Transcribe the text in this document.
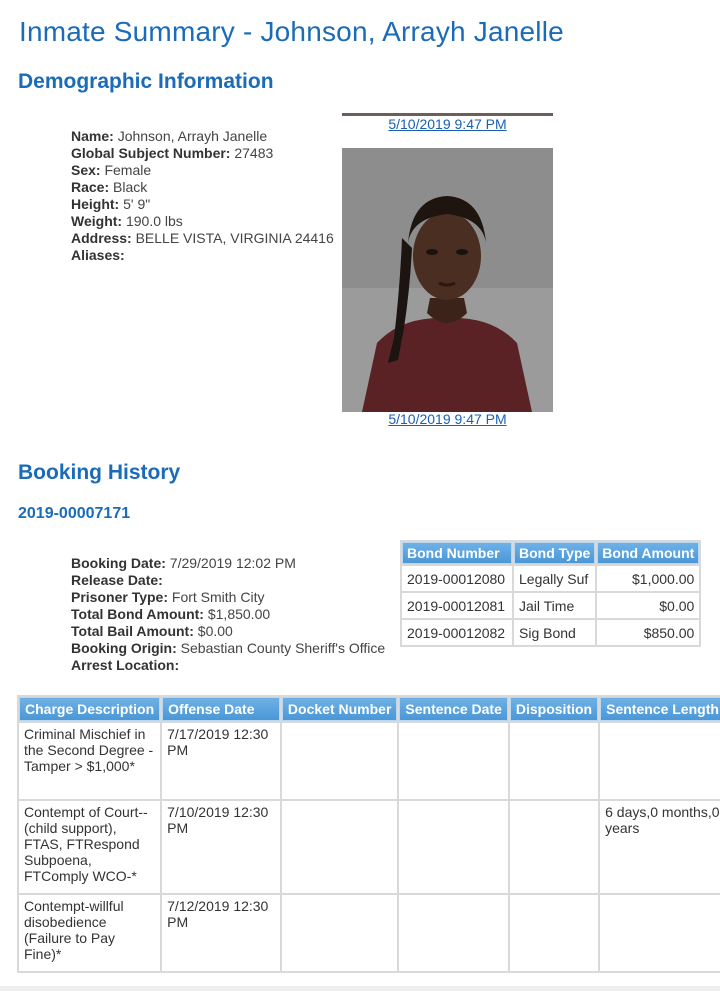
Inmate Summary - Johnson, Arrayh Janelle
Demographic Information
Name: Johnson, Arrayh Janelle
Global Subject Number: 27483
Sex: Female
Race: Black
Height: 5' 9"
Weight: 190.0 lbs
Address: BELLE VISTA, VIRGINIA 24416
Aliases:
5/10/2019 9:47 PM
5/10/2019 9:47 PM
Booking History
2019-00007171
Booking Date: 7/29/2019 12:02 PM
Release Date:
Prisoner Type: Fort Smith City
Total Bond Amount: $1,850.00
Total Bail Amount: $0.00
Booking Origin: Sebastian County Sheriff's Office
Arrest Location:
Bond Number	Bond Type	Bond Amount
2019-00012080	Legally Suf	$1,000.00
2019-00012081	Jail Time	$0.00
2019-00012082	Sig Bond	$850.00
Charge Description	Offense Date	Docket Number	Sentence Date	Disposition	Sentence Length
Criminal Mischief in the Second Degree - Tamper > $1,000*	7/17/2019 12:30 PM				
Contempt of Court--(child support), FTAS, FTRespond Subpoena, FTComply WCO-*	7/10/2019 12:30 PM				6 days,0 months,0 years
Contempt-willful disobedience (Failure to Pay Fine)*	7/12/2019 12:30 PM				
